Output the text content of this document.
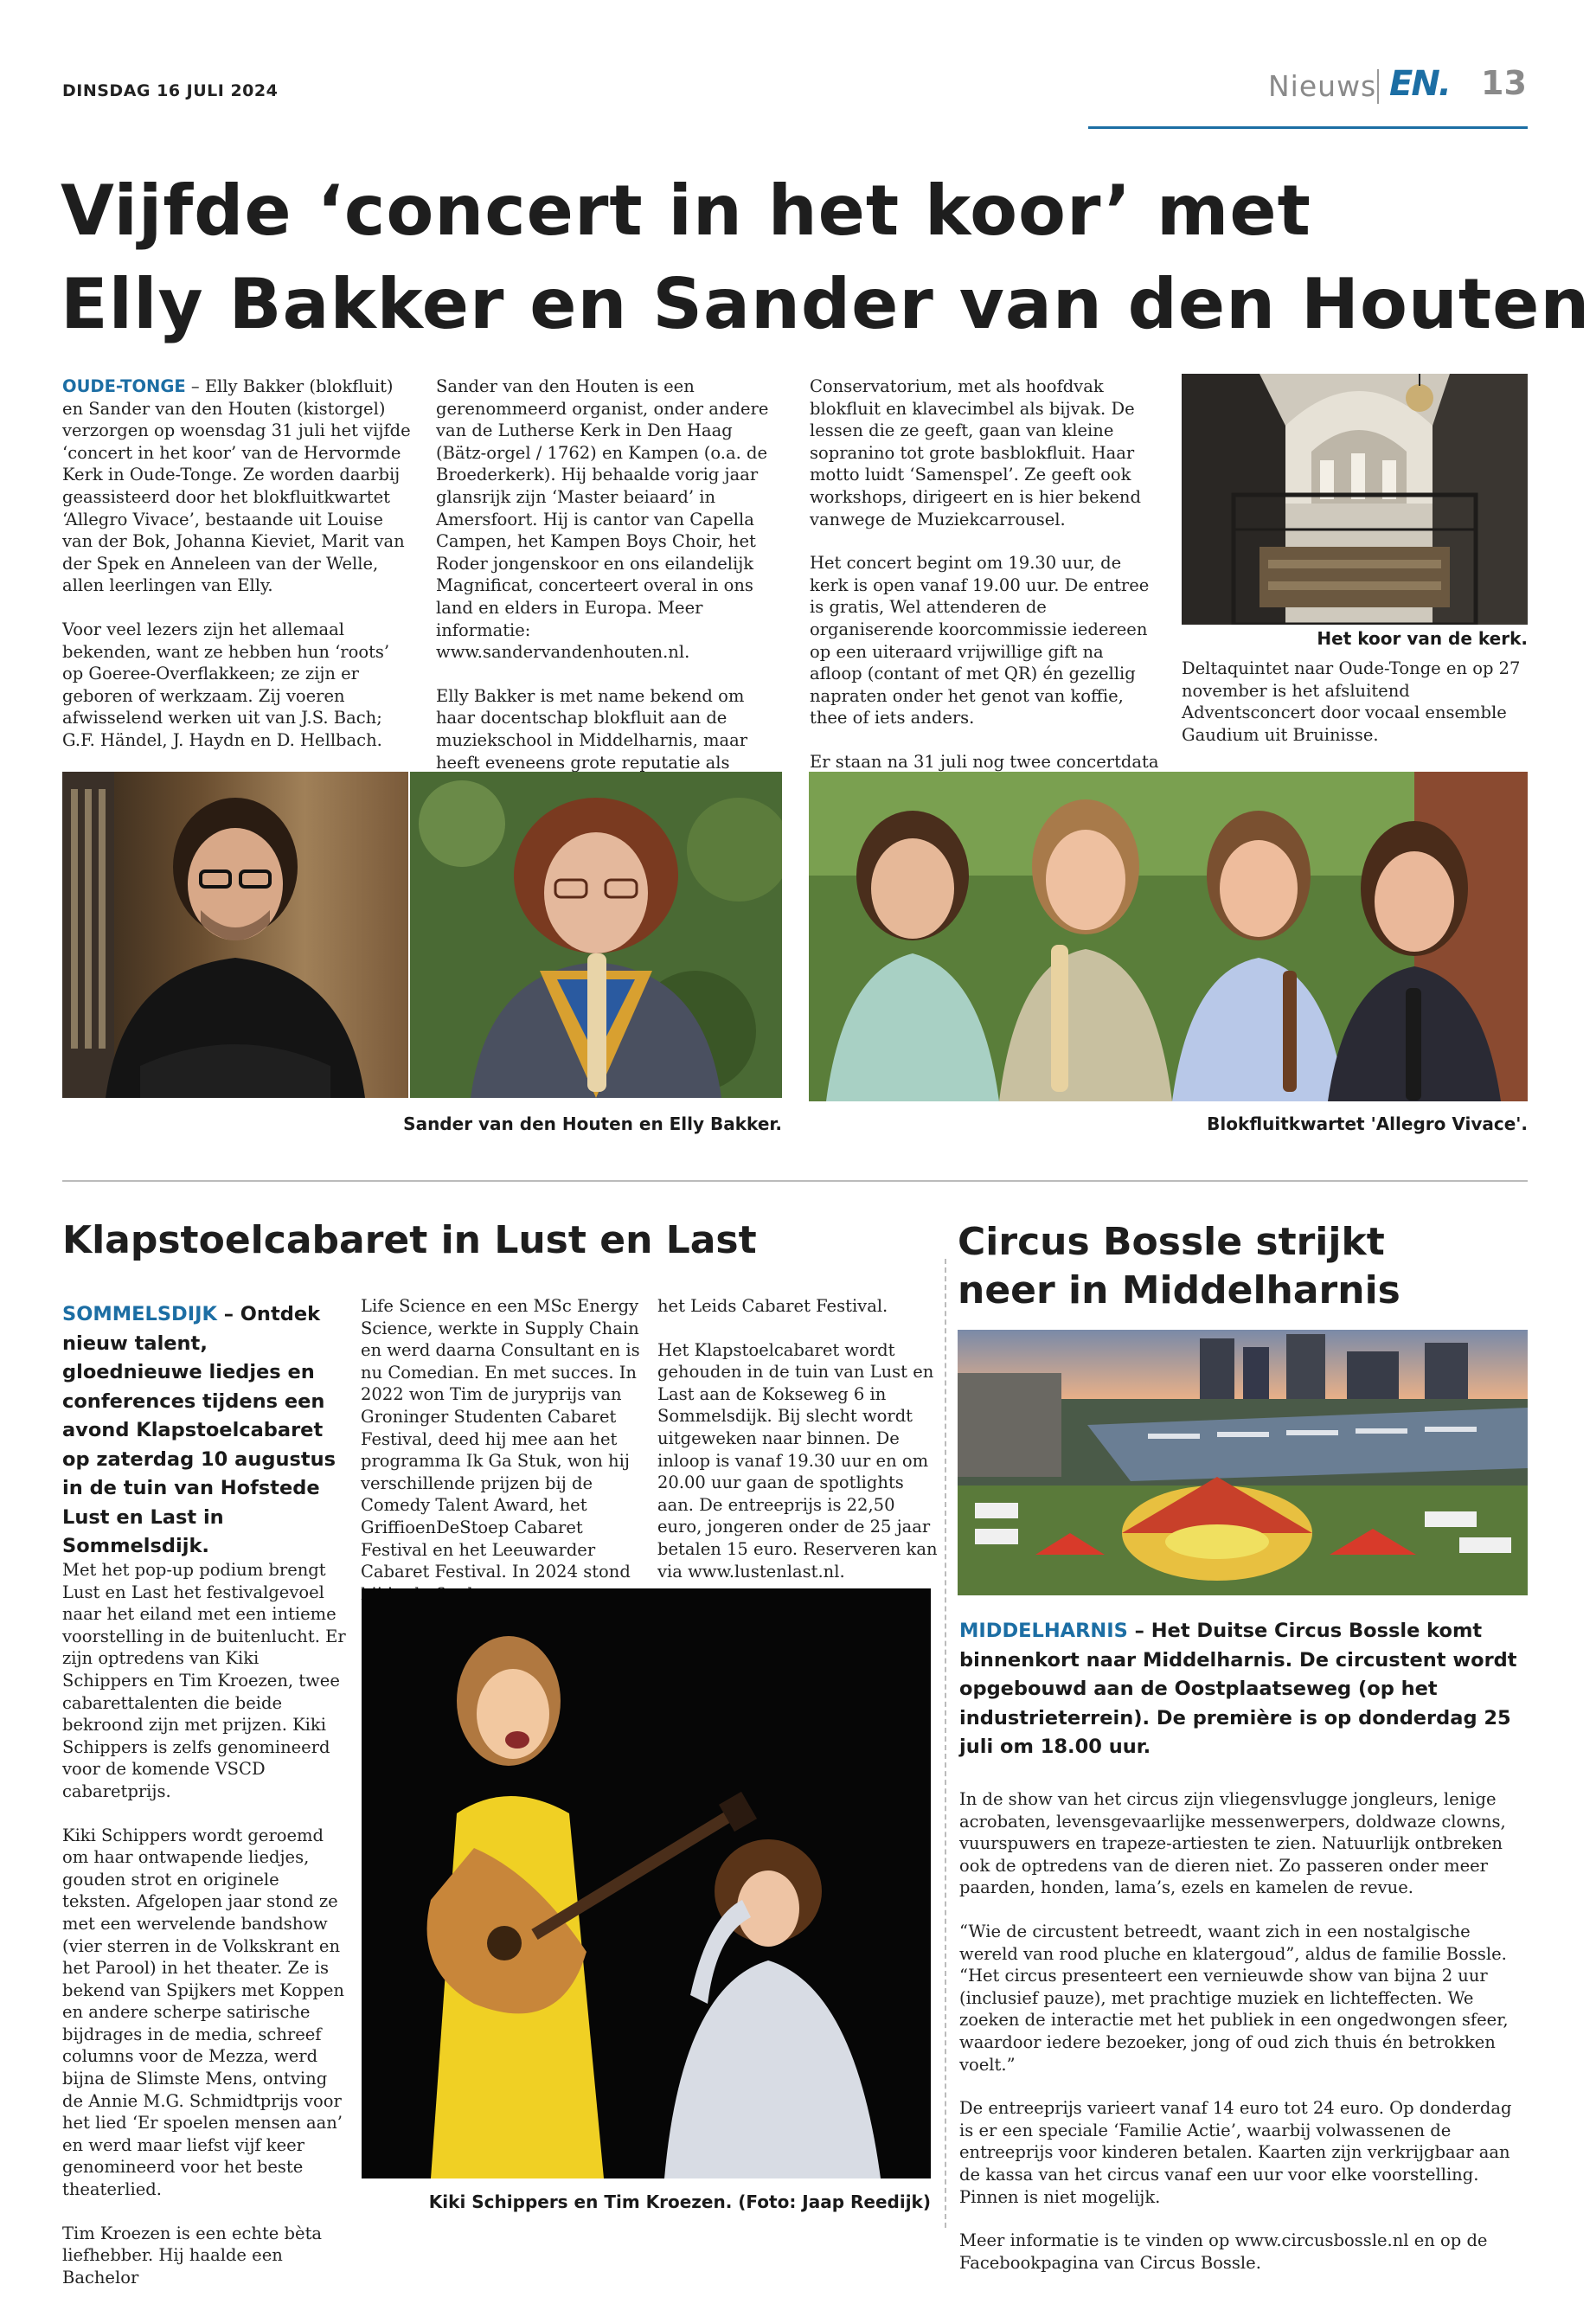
DINSDAG 16 JULI 2024	Nieuws EN. 13
Vijfde ‘concert in het koor’ met
Elly Bakker en Sander van den Houten

OUDE-TONGE – Elly Bakker (blokfluit) en Sander van den Houten (kistorgel) verzorgen op woensdag 31 juli het vijfde ‘concert in het koor’ van de Hervormde Kerk in Oude-Tonge. Ze worden daarbij geassisteerd door het blokfluitkwartet ‘Allegro Vivace’, bestaande uit Louise van der Bok, Johanna Kieviet, Marit van der Spek en Anneleen van der Welle, allen leerlingen van Elly.

Voor veel lezers zijn het allemaal bekenden, want ze hebben hun ‘roots’ op Goeree-Overflakkeen; ze zijn er geboren of werkzaam. Zij voeren afwisselend werken uit van J.S. Bach; G.F. Händel, J. Haydn en D. Hellbach.

Sander van den Houten is een gerenommeerd organist, onder andere van de Lutherse Kerk in Den Haag (Bätz-orgel / 1762) en Kampen (o.a. de Broederkerk). Hij behaalde vorig jaar glansrijk zijn ‘Master beiaard’ in Amersfoort. Hij is cantor van Capella Campen, het Kampen Boys Choir, het Roder jongenskoor en ons eilandelijk Magnificat, concerteert overal in ons land en elders in Europa. Meer informatie: www.sandervandenhouten.nl.

Elly Bakker is met name bekend om haar docentschap blokfluit aan de muziekschool in Middelharnis, maar heeft eveneens grote reputatie als

Conservatorium, met als hoofdvak blokfluit en klavecimbel als bijvak. De lessen die ze geeft, gaan van kleine sopranino tot grote basblokfluit. Haar motto luidt ‘Samenspel’. Ze geeft ook workshops, dirigeert en is hier bekend vanwege de Muziekcarrousel.

Het concert begint om 19.30 uur, de kerk is open vanaf 19.00 uur. De entree is gratis, Wel attenderen de organiserende koorcommissie iedereen op een uiteraard vrijwillige gift na afloop (contant of met QR) én gezellig napraten onder het genot van koffie, thee of iets anders.

Er staan na 31 juli nog twee concertdata

Het koor van de kerk.
Deltaquintet naar Oude-Tonge en op 27 november is het afsluitend Adventsconcert door vocaal ensemble Gaudium uit Bruinisse.
Sander van den Houten en Elly Bakker.	Blokfluitkwartet 'Allegro Vivace'.
Klapstoelcabaret in Lust en Last
SOMMELSDIJK – Ontdek nieuw talent, gloednieuwe liedjes en conferences tijdens een avond Klapstoelcabaret op zaterdag 10 augustus in de tuin van Hofstede Lust en Last in Sommelsdijk.

Met het pop-up podium brengt Lust en Last het festivalgevoel naar het eiland met een intieme voorstelling in de buitenlucht. Er zijn optredens van Kiki Schippers en Tim Kroezen, twee cabarettalenten die beide bekroond zijn met prijzen. Kiki Schippers is zelfs genomineerd voor de komende VSCD cabaretprijs.

Kiki Schippers wordt geroemd om haar ontwapende liedjes, gouden strot en originele teksten. Afgelopen jaar stond ze met een wervelende bandshow (vier sterren in de Volkskrant en het Parool) in het theater. Ze is bekend van Spijkers met Koppen en andere scherpe satirische bijdrages in de media, schreef columns voor de Mezza, werd bijna de Slimste Mens, ontving de Annie M.G. Schmidtprijs voor het lied ‘Er spoelen mensen aan’ en werd maar liefst vijf keer genomineerd voor het beste theaterlied.

Tim Kroezen is een echte bèta liefhebber. Hij haalde een Bachelor

Life Science en een MSc Energy Science, werkte in Supply Chain en werd daarna Consultant en is nu Comedian. En met succes. In 2022 won Tim de juryprijs van Groninger Studenten Cabaret Festival, deed hij mee aan het programma Ik Ga Stuk, won hij verschillende prijzen bij de Comedy Talent Award, het GriffioenDeStoep Cabaret Festival en het Leeuwarder Cabaret Festival. In 2024 stond

het Leids Cabaret Festival.

Het Klapstoelcabaret wordt gehouden in de tuin van Lust en Last aan de Kokseweg 6 in Sommelsdijk. Bij slecht wordt uitgeweken naar binnen. De inloop is vanaf 19.30 uur en om 20.00 uur gaan de spotlights aan. De entreeprijs is 22,50 euro, jongeren onder de 25 jaar betalen 15 euro. Reserveren kan via www.lustenlast.nl.

Kiki Schippers en Tim Kroezen. (Foto: Jaap Reedijk)
Circus Bossle strijkt
neer in Middelharnis
MIDDELHARNIS – Het Duitse Circus Bossle komt binnenkort naar Middelharnis. De circustent wordt opgebouwd aan de Oostplaatseweg (op het industrieterrein). De première is op donderdag 25 juli om 18.00 uur.

In de show van het circus zijn vliegensvlugge jongleurs, lenige acrobaten, levensgevaarlijke messenwerpers, doldwaze clowns, vuurspuwers en trapeze-artiesten te zien. Natuurlijk ontbreken ook de optredens van de dieren niet. Zo passeren onder meer paarden, honden, lama’s, ezels en kamelen de revue.

“Wie de circustent betreedt, waant zich in een nostalgische wereld van rood pluche en klatergoud”, aldus de familie Bossle. “Het circus presenteert een vernieuwde show van bijna 2 uur (inclusief pauze), met prachtige muziek en lichteffecten. We zoeken de interactie met het publiek in een ongedwongen sfeer, waardoor iedere bezoeker, jong of oud zich thuis én betrokken voelt.”

De entreeprijs varieert vanaf 14 euro tot 24 euro. Op donderdag is er een speciale ‘Familie Actie’, waarbij volwassenen de entreeprijs voor kinderen betalen. Kaarten zijn verkrijgbaar aan de kassa van het circus vanaf een uur voor elke voorstelling. Pinnen is niet mogelijk.

Meer informatie is te vinden op www.circusbossle.nl en op de Facebookpagina van Circus Bossle.
